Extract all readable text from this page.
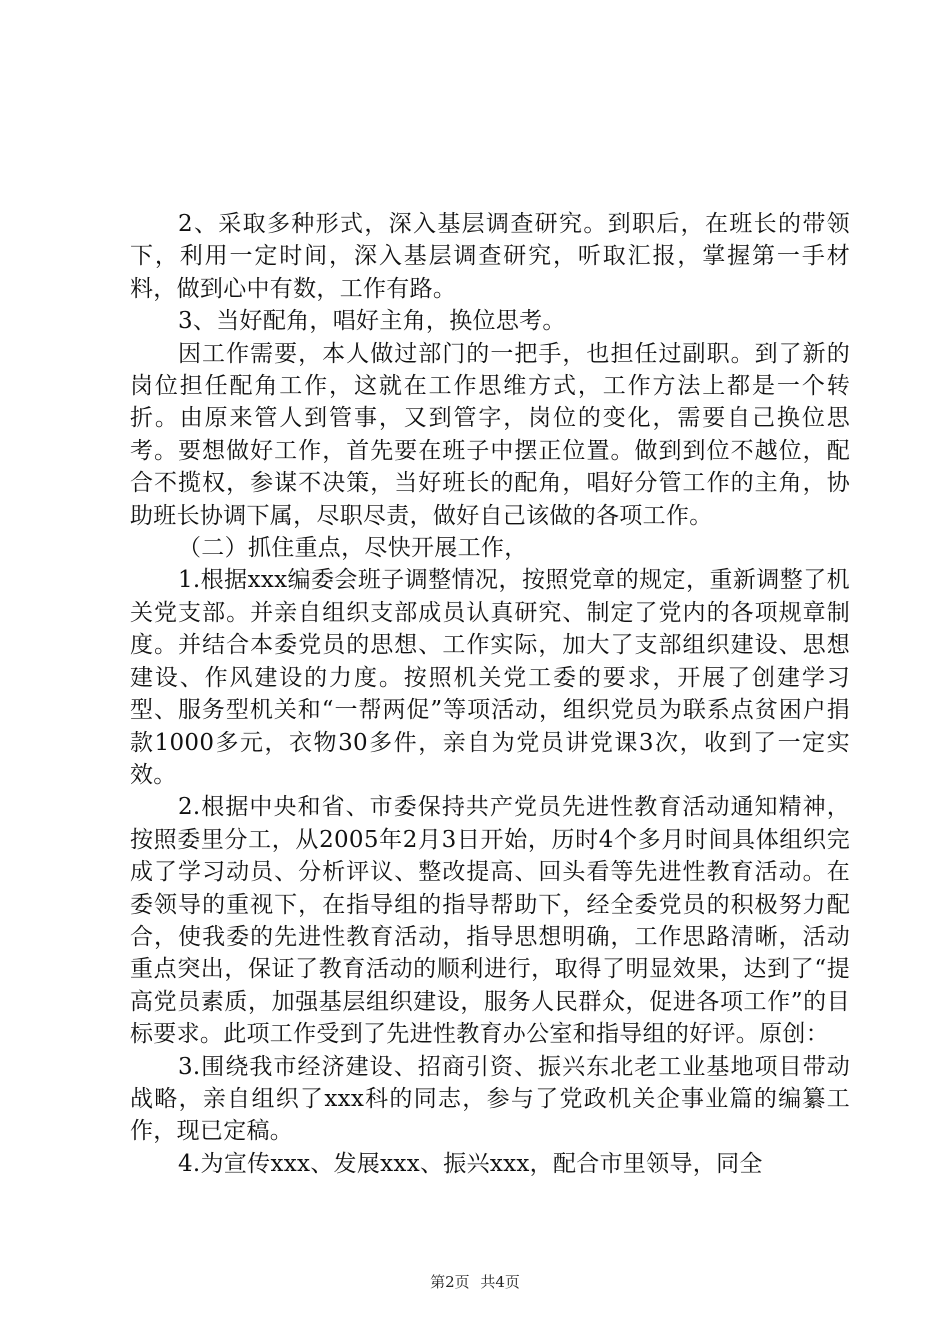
2、采取多种形式，深入基层调查研究。到职后，在班长的带领下，利用一定时间，深入基层调查研究，听取汇报，掌握第一手材料，做到心中有数，工作有路。

3、当好配角，唱好主角，换位思考。

因工作需要，本人做过部门的一把手，也担任过副职。到了新的岗位担任配角工作，这就在工作思维方式，工作方法上都是一个转折。由原来管人到管事，又到管字，岗位的变化，需要自己换位思考。要想做好工作，首先要在班子中摆正位置。做到到位不越位，配合不揽权，参谋不决策，当好班长的配角，唱好分管工作的主角，协助班长协调下属，尽职尽责，做好自己该做的各项工作。

（二）抓住重点，尽快开展工作，

1.根据xxx编委会班子调整情况，按照党章的规定，重新调整了机关党支部。并亲自组织支部成员认真研究、制定了党内的各项规章制度。并结合本委党员的思想、工作实际，加大了支部组织建设、思想建设、作风建设的力度。按照机关党工委的要求，开展了创建学习型、服务型机关和“一帮两促”等项活动，组织党员为联系点贫困户捐款1000多元，衣物30多件，亲自为党员讲党课3次，收到了一定实效。

2.根据中央和省、市委保持共产党员先进性教育活动通知精神，按照委里分工，从2005年2月3日开始，历时4个多月时间具体组织完成了学习动员、分析评议、整改提高、回头看等先进性教育活动。在委领导的重视下，在指导组的指导帮助下，经全委党员的积极努力配合，使我委的先进性教育活动，指导思想明确，工作思路清晰，活动重点突出，保证了教育活动的顺利进行，取得了明显效果，达到了“提高党员素质，加强基层组织建设，服务人民群众，促进各项工作”的目标要求。此项工作受到了先进性教育办公室和指导组的好评。原创：

3.围绕我市经济建设、招商引资、振兴东北老工业基地项目带动战略，亲自组织了xxx科的同志，参与了党政机关企事业篇的编纂工作，现已定稿。

4.为宣传xxx、发展xxx、振兴xxx，配合市里领导，同全

第2页 共4页
